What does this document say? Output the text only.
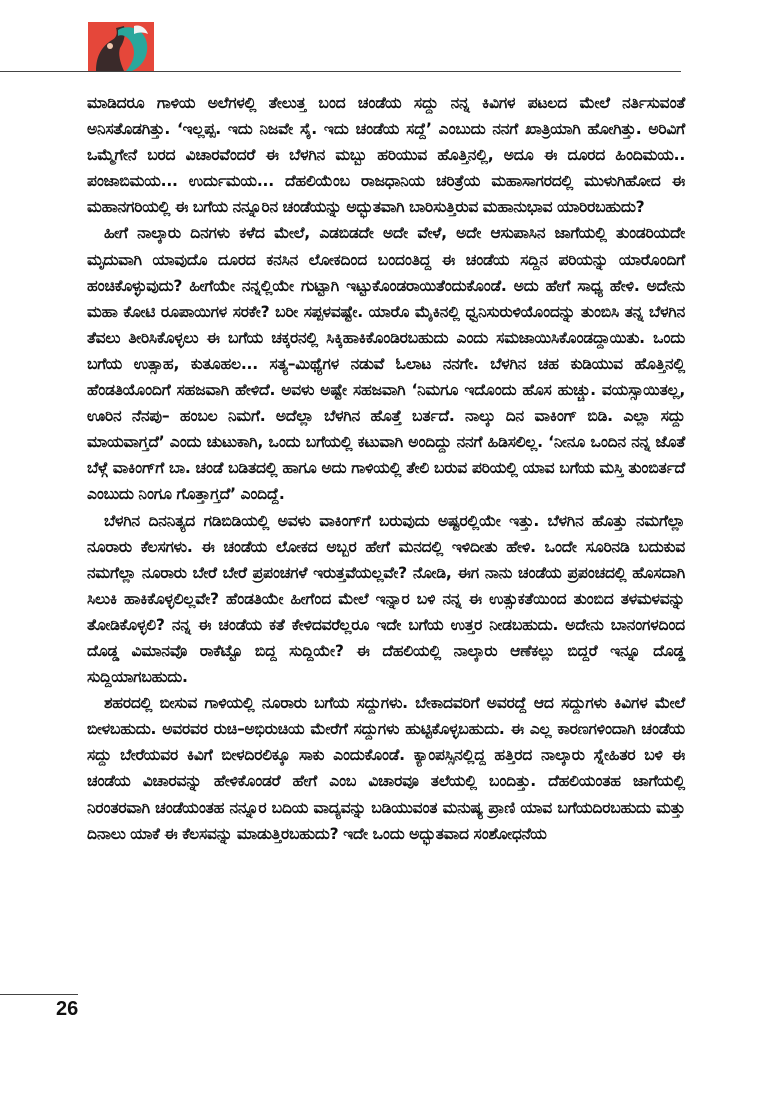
ಮಾಡಿದರೂ ಗಾಳಿಯ ಅಲೆಗಳಲ್ಲಿ ತೇಲುತ್ತ ಬಂದ ಚಂಡೆಯ ಸದ್ದು ನನ್ನ ಕಿವಿಗಳ ಪಟಲದ ಮೇಲೆ ನರ್ತಿಸುವಂತೆ ಅನಿಸತೊಡಗಿತ್ತು. ‘ಇಲ್ಲಪ್ಪ. ಇದು ನಿಜವೇ ಸೈ. ಇದು ಚಂಡೆಯ ಸದ್ದೆ’ ಎಂಬುದು ನನಗೆ ಖಾತ್ರಿಯಾಗಿ ಹೋಗಿತ್ತು. ಅರಿವಿಗೆ ಒಮ್ಮೆಗೇನೆ ಬರದ ವಿಚಾರವೆಂದರೆ ಈ ಬೆಳಗಿನ ಮಬ್ಬು ಹರಿಯುವ ಹೊತ್ತಿನಲ್ಲಿ, ಅದೂ ಈ ದೂರದ ಹಿಂದಿಮಯ.. ಪಂಜಾಬಿಮಯ... ಉರ್ದುಮಯ... ದೆಹಲಿಯೆಂಬ ರಾಜಧಾನಿಯ ಚರಿತ್ರೆಯ ಮಹಾಸಾಗರದಲ್ಲಿ ಮುಳುಗಿಹೋದ ಈ ಮಹಾನಗರಿಯಲ್ಲಿ ಈ ಬಗೆಯ ನನ್ನೂರಿನ ಚಂಡೆಯನ್ನು ಅದ್ಭುತವಾಗಿ ಬಾರಿಸುತ್ತಿರುವ ಮಹಾನುಭಾವ ಯಾರಿರಬಹುದು?

ಹೀಗೆ ನಾಲ್ಕಾರು ದಿನಗಳು ಕಳೆದ ಮೇಲೆ, ಎಡಬಿಡದೇ ಅದೇ ವೇಳೆ, ಅದೇ ಆಸುಪಾಸಿನ ಜಾಗೆಯಲ್ಲಿ ತುಂಡರಿಯದೇ ಮೃದುವಾಗಿ ಯಾವುದೊ ದೂರದ ಕನಸಿನ ಲೋಕದಿಂದ ಬಂದಂತಿದ್ದ ಈ ಚಂಡೆಯ ಸದ್ದಿನ ಪರಿಯನ್ನು ಯಾರೊಂದಿಗೆ ಹಂಚಿಕೊಳ್ಳುವುದು? ಹೀಗೆಯೇ ನನ್ನಲ್ಲಿಯೇ ಗುಟ್ಟಾಗಿ ಇಟ್ಟುಕೊಂಡರಾಯಿತೆಂದುಕೊಂಡೆ. ಅದು ಹೇಗೆ ಸಾಧ್ಯ ಹೇಳಿ. ಅದೇನು ಮಹಾ ಕೋಟಿ ರೂಪಾಯಿಗಳ ಸರಕೇ? ಬರೀ ಸಪ್ಪಳವಷ್ಟೇ. ಯಾರೊ ಮೈಕಿನಲ್ಲಿ ಧ್ವನಿಸುರುಳಿಯೊಂದನ್ನು ತುಂಬಿಸಿ ತನ್ನ ಬೆಳಗಿನ ತೆವಲು ತೀರಿಸಿಕೊಳ್ಳಲು ಈ ಬಗೆಯ ಚಕ್ಕರನಲ್ಲಿ ಸಿಕ್ಕಿಹಾಕಿಕೊಂಡಿರಬಹುದು ಎಂದು ಸಮಜಾಯಿಸಿಕೊಂಡದ್ದಾಯಿತು. ಒಂದು ಬಗೆಯ ಉತ್ಸಾಹ, ಕುತೂಹಲ... ಸತ್ಯ–ಮಿಥ್ಯೆಗಳ ನಡುವೆ ಓಲಾಟ ನನಗೇ. ಬೆಳಗಿನ ಚಹ ಕುಡಿಯುವ ಹೊತ್ತಿನಲ್ಲಿ ಹೆಂಡತಿಯೊಂದಿಗೆ ಸಹಜವಾಗಿ ಹೇಳಿದೆ. ಅವಳು ಅಷ್ಟೇ ಸಹಜವಾಗಿ ‘ನಿಮಗೂ ಇದೊಂದು ಹೊಸ ಹುಚ್ಚು. ವಯಸ್ಸಾಯಿತಲ್ಲ, ಊರಿನ ನೆನಪು– ಹಂಬಲ ನಿಮಗೆ. ಅದೆಲ್ಲಾ ಬೆಳಗಿನ ಹೊತ್ತೆ ಬರ್ತದೆ. ನಾಲ್ಕು ದಿನ ವಾಕಿಂಗ್ ಬಿಡಿ. ಎಲ್ಲಾ ಸದ್ದು ಮಾಯವಾಗ್ತದೆ’ ಎಂದು ಚುಟುಕಾಗಿ, ಒಂದು ಬಗೆಯಲ್ಲಿ ಕಟುವಾಗಿ ಅಂದಿದ್ದು ನನಗೆ ಹಿಡಿಸಲಿಲ್ಲ. ‘ನೀನೂ ಒಂದಿನ ನನ್ನ ಜೊತೆ ಬೆಳ್ಗೆ ವಾಕಿಂಗ್‌ಗೆ ಬಾ. ಚಂಡೆ ಬಡಿತದಲ್ಲಿ ಹಾಗೂ ಅದು ಗಾಳಿಯಲ್ಲಿ ತೇಲಿ ಬರುವ ಪರಿಯಲ್ಲಿ ಯಾವ ಬಗೆಯ ಮಸ್ತಿ ತುಂಬಿರ್ತದೆ ಎಂಬುದು ನಿಂಗೂ ಗೊತ್ತಾಗ್ತದೆ’ ಎಂದಿದ್ದೆ.

ಬೆಳಗಿನ ದಿನನಿತ್ಯದ ಗಡಿಬಿಡಿಯಲ್ಲಿ ಅವಳು ವಾಕಿಂಗ್‌ಗೆ ಬರುವುದು ಅಷ್ಟರಲ್ಲಿಯೇ ಇತ್ತು. ಬೆಳಗಿನ ಹೊತ್ತು ನಮಗೆಲ್ಲಾ ನೂರಾರು ಕೆಲಸಗಳು. ಈ ಚಂಡೆಯ ಲೋಕದ ಅಬ್ಬರ ಹೇಗೆ ಮನದಲ್ಲಿ ಇಳಿದೀತು ಹೇಳಿ. ಒಂದೇ ಸೂರಿನಡಿ ಬದುಕುವ ನಮಗೆಲ್ಲಾ ನೂರಾರು ಬೇರೆ ಬೇರೆ ಪ್ರಪಂಚಗಳೆ ಇರುತ್ತವೆಯಲ್ಲವೇ? ನೋಡಿ, ಈಗ ನಾನು ಚಂಡೆಯ ಪ್ರಪಂಚದಲ್ಲಿ ಹೊಸದಾಗಿ ಸಿಲುಕಿ ಹಾಕಿಕೊಳ್ಳಲಿಲ್ಲವೇ? ಹೆಂಡತಿಯೇ ಹೀಗೆಂದ ಮೇಲೆ ಇನ್ನಾರ ಬಳಿ ನನ್ನ ಈ ಉತ್ಸುಕತೆಯಿಂದ ತುಂಬಿದ ತಳಮಳವನ್ನು ತೋಡಿಕೊಳ್ಳಲಿ? ನನ್ನ ಈ ಚಂಡೆಯ ಕತೆ ಕೇಳಿದವರೆಲ್ಲರೂ ಇದೇ ಬಗೆಯ ಉತ್ತರ ನೀಡಬಹುದು. ಅದೇನು ಬಾನಂಗಳದಿಂದ ದೊಡ್ಡ ವಿಮಾನವೊ ರಾಕೆಟ್ಟೊ ಬಿದ್ದ ಸುದ್ದಿಯೇ? ಈ ದೆಹಲಿಯಲ್ಲಿ ನಾಲ್ಕಾರು ಆಣೆಕಲ್ಲು ಬಿದ್ದರೆ ಇನ್ನೂ ದೊಡ್ಡ ಸುದ್ದಿಯಾಗಬಹುದು.

ಶಹರದಲ್ಲಿ ಬೀಸುವ ಗಾಳಿಯಲ್ಲಿ ನೂರಾರು ಬಗೆಯ ಸದ್ದುಗಳು. ಬೇಕಾದವರಿಗೆ ಅವರದ್ದೆ ಆದ ಸದ್ದುಗಳು ಕಿವಿಗಳ ಮೇಲೆ ಬೀಳಬಹುದು. ಅವರವರ ರುಚಿ–ಅಭಿರುಚಿಯ ಮೇರೆಗೆ ಸದ್ದುಗಳು ಹುಟ್ಟಿಕೊಳ್ಳಬಹುದು. ಈ ಎಲ್ಲ ಕಾರಣಗಳಿಂದಾಗಿ ಚಂಡೆಯ ಸದ್ದು ಬೇರೆಯವರ ಕಿವಿಗೆ ಬೀಳದಿರಲಿಕ್ಕೂ ಸಾಕು ಎಂದುಕೊಂಡೆ. ಕ್ಯಾಂಪಸ್ಸಿನಲ್ಲಿದ್ದ ಹತ್ತಿರದ ನಾಲ್ಕಾರು ಸ್ನೇಹಿತರ ಬಳಿ ಈ ಚಂಡೆಯ ವಿಚಾರವನ್ನು ಹೇಳಿಕೊಂಡರೆ ಹೇಗೆ ಎಂಬ ವಿಚಾರವೂ ತಲೆಯಲ್ಲಿ ಬಂದಿತ್ತು. ದೆಹಲಿಯಂತಹ ಜಾಗೆಯಲ್ಲಿ ನಿರಂತರವಾಗಿ ಚಂಡೆಯಂತಹ ನನ್ನೂರ ಬದಿಯ ವಾದ್ಯವನ್ನು ಬಡಿಯುವಂತ ಮನುಷ್ಯ ಪ್ರಾಣಿ ಯಾವ ಬಗೆಯದಿರಬಹುದು ಮತ್ತು ದಿನಾಲು ಯಾಕೆ ಈ ಕೆಲಸವನ್ನು ಮಾಡುತ್ತಿರಬಹುದು? ಇದೇ ಒಂದು ಅದ್ಭುತವಾದ ಸಂಶೋಧನೆಯ

26
